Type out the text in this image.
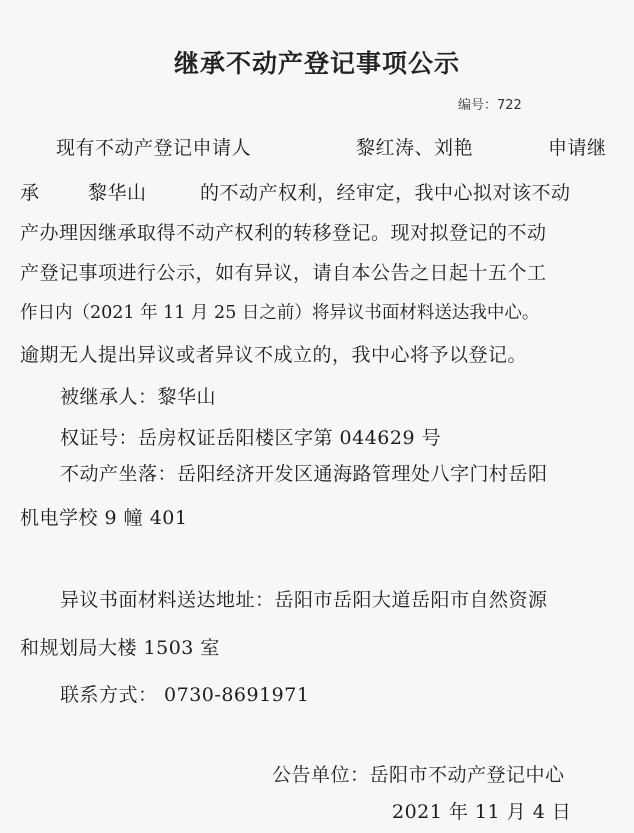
继承不动产登记事项公示
编号：722
现有不动产登记申请人	黎红涛、刘艳	申请继
承	黎华山	的不动产权利，经审定，我中心拟对该不动
产办理因继承取得不动产权利的转移登记。现对拟登记的不动
产登记事项进行公示，如有异议，请自本公告之日起十五个工
作日内（2021 年 11 月 25 日之前）将异议书面材料送达我中心。
逾期无人提出异议或者异议不成立的，我中心将予以登记。
被继承人：黎华山
权证号：岳房权证岳阳楼区字第 044629 号
不动产坐落：岳阳经济开发区通海路管理处八字门村岳阳
机电学校 9 幢 401
异议书面材料送达地址：岳阳市岳阳大道岳阳市自然资源
和规划局大楼 1503 室
联系方式： 0730-8691971
公告单位：岳阳市不动产登记中心
2021 年 11 月 4 日
